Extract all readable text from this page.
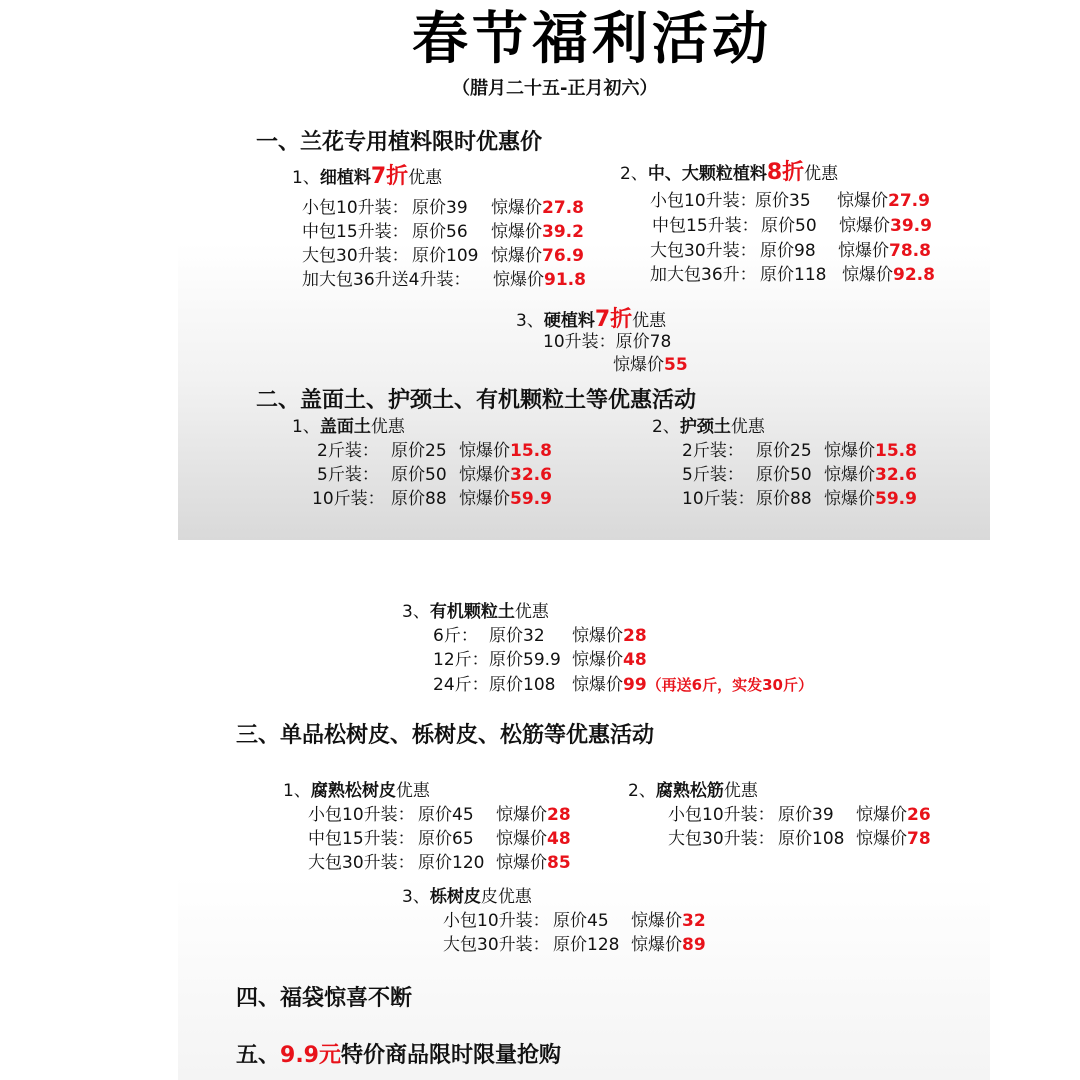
春节福利活动
（腊月二十五-正月初六）
一、兰花专用植料限时优惠价
1、细植料7折优惠
小包10升装： 原价39 惊爆价27.8
中包15升装： 原价56 惊爆价39.2
大包30升装： 原价109 惊爆价76.9
加大包36升送4升装： 惊爆价91.8
2、中、大颗粒植料8折优惠
小包10升装：原价35 惊爆价27.9
中包15升装： 原价50 惊爆价39.9
大包30升装： 原价98 惊爆价78.8
加大包36升： 原价118 惊爆价92.8
3、硬植料7折优惠
10升装：原价78
惊爆价55
二、盖面土、护颈土、有机颗粒土等优惠活动
1、盖面土优惠
2斤装： 原价25 惊爆价15.8
5斤装： 原价50 惊爆价32.6
10斤装： 原价88 惊爆价59.9
2、护颈土优惠
2斤装： 原价25 惊爆价15.8
5斤装： 原价50 惊爆价32.6
10斤装：原价88 惊爆价59.9
3、有机颗粒土优惠
6斤： 原价32 惊爆价28
12斤：原价59.9 惊爆价48
24斤：原价108 惊爆价99（再送6斤，实发30斤）
三、单品松树皮、栎树皮、松筋等优惠活动
1、腐熟松树皮优惠
小包10升装： 原价45 惊爆价28
中包15升装： 原价65 惊爆价48
大包30升装： 原价120 惊爆价85
2、腐熟松筋优惠
小包10升装： 原价39 惊爆价26
大包30升装： 原价108 惊爆价78
3、栎树皮皮优惠
小包10升装： 原价45 惊爆价32
大包30升装： 原价128 惊爆价89
四、福袋惊喜不断
五、9.9元特价商品限时限量抢购
